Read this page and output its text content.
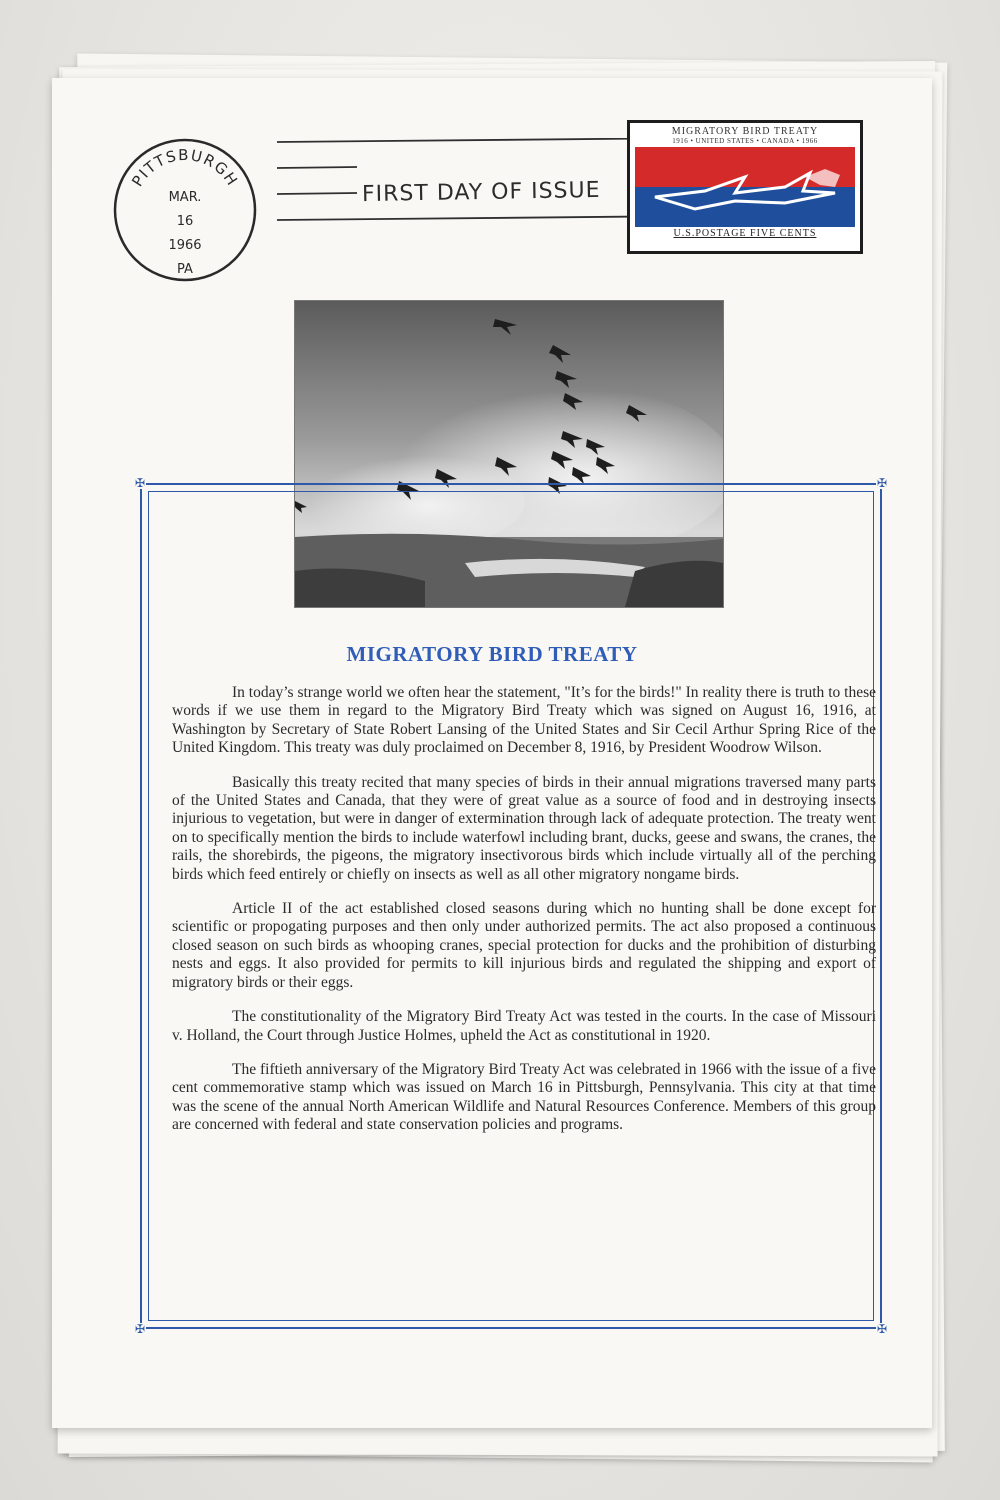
PITTSBURGH
MAR.
16
1966
PA
FIRST DAY OF ISSUE
MIGRATORY BIRD TREATY
1916 • UNITED STATES • CANADA • 1966
U.S.POSTAGE FIVE CENTS
✠	✠
✠	✠
MIGRATORY BIRD TREATY

In today’s strange world we often hear the statement, "It’s for the birds!" In reality there is truth to these words if we use them in regard to the Migratory Bird Treaty which was signed on August 16, 1916, at Washington by Secretary of State Robert Lansing of the United States and Sir Cecil Arthur Spring Rice of the United Kingdom. This treaty was duly proclaimed on December 8, 1916, by President Woodrow Wilson.

Basically this treaty recited that many species of birds in their annual migrations traversed many parts of the United States and Canada, that they were of great value as a source of food and in destroying insects injurious to vegetation, but were in danger of extermination through lack of adequate protection. The treaty went on to specifically mention the birds to include waterfowl including brant, ducks, geese and swans, the cranes, the rails, the shorebirds, the pigeons, the migratory insectivorous birds which include virtually all of the perching birds which feed entirely or chiefly on insects as well as all other migratory nongame birds.

Article II of the act established closed seasons during which no hunting shall be done except for scientific or propogating purposes and then only under authorized permits. The act also proposed a continuous closed season on such birds as whooping cranes, special protection for ducks and the prohibition of disturbing nests and eggs. It also provided for permits to kill injurious birds and regulated the shipping and export of migratory birds or their eggs.

The constitutionality of the Migratory Bird Treaty Act was tested in the courts. In the case of Missouri v. Holland, the Court through Justice Holmes, upheld the Act as constitutional in 1920.

The fiftieth anniversary of the Migratory Bird Treaty Act was celebrated in 1966 with the issue of a five cent commemorative stamp which was issued on March 16 in Pittsburgh, Pennsylvania. This city at that time was the scene of the annual North American Wildlife and Natural Resources Conference. Members of this group are concerned with federal and state conservation policies and programs.
